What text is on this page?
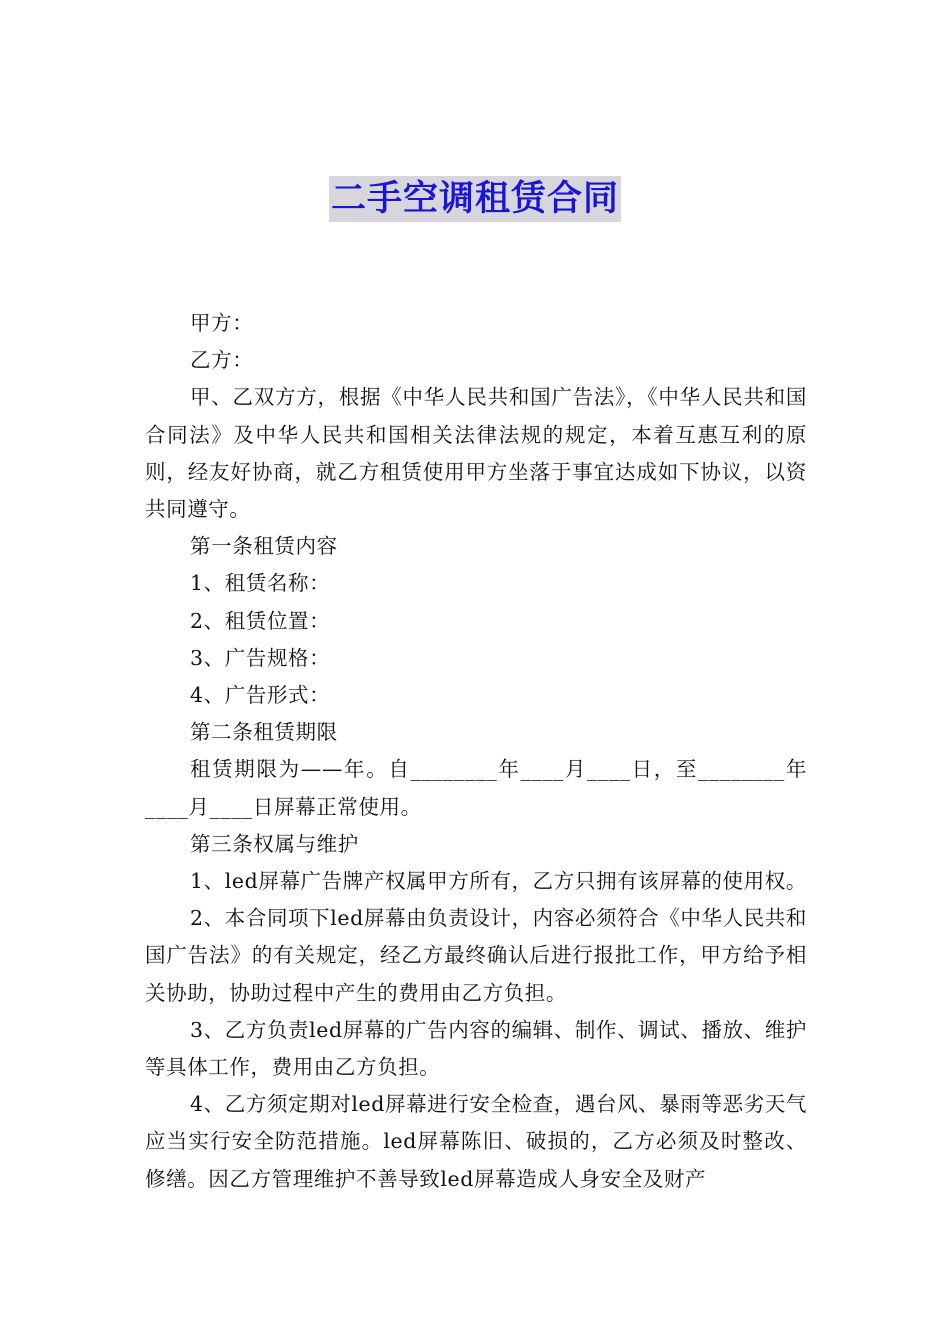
二手空调租赁合同

甲方：

乙方：

甲、乙双方方，根据《中华人民共和国广告法》，《中华人民共和国合同法》及中华人民共和国相关法律法规的规定，本着互惠互利的原则，经友好协商，就乙方租赁使用甲方坐落于事宜达成如下协议，以资共同遵守。

第一条租赁内容

1、租赁名称：

2、租赁位置：

3、广告规格：

4、广告形式：

第二条租赁期限

租赁期限为——年。自________年____月____日，至________年____月____日屏幕正常使用。

第三条权属与维护

1、led屏幕广告牌产权属甲方所有，乙方只拥有该屏幕的使用权。

2、本合同项下led屏幕由负责设计，内容必须符合《中华人民共和国广告法》的有关规定，经乙方最终确认后进行报批工作，甲方给予相关协助，协助过程中产生的费用由乙方负担。

3、乙方负责led屏幕的广告内容的编辑、制作、调试、播放、维护等具体工作，费用由乙方负担。

4、乙方须定期对led屏幕进行安全检查，遇台风、暴雨等恶劣天气应当实行安全防范措施。led屏幕陈旧、破损的，乙方必须及时整改、修缮。因乙方管理维护不善导致led屏幕造成人身安全及财产
